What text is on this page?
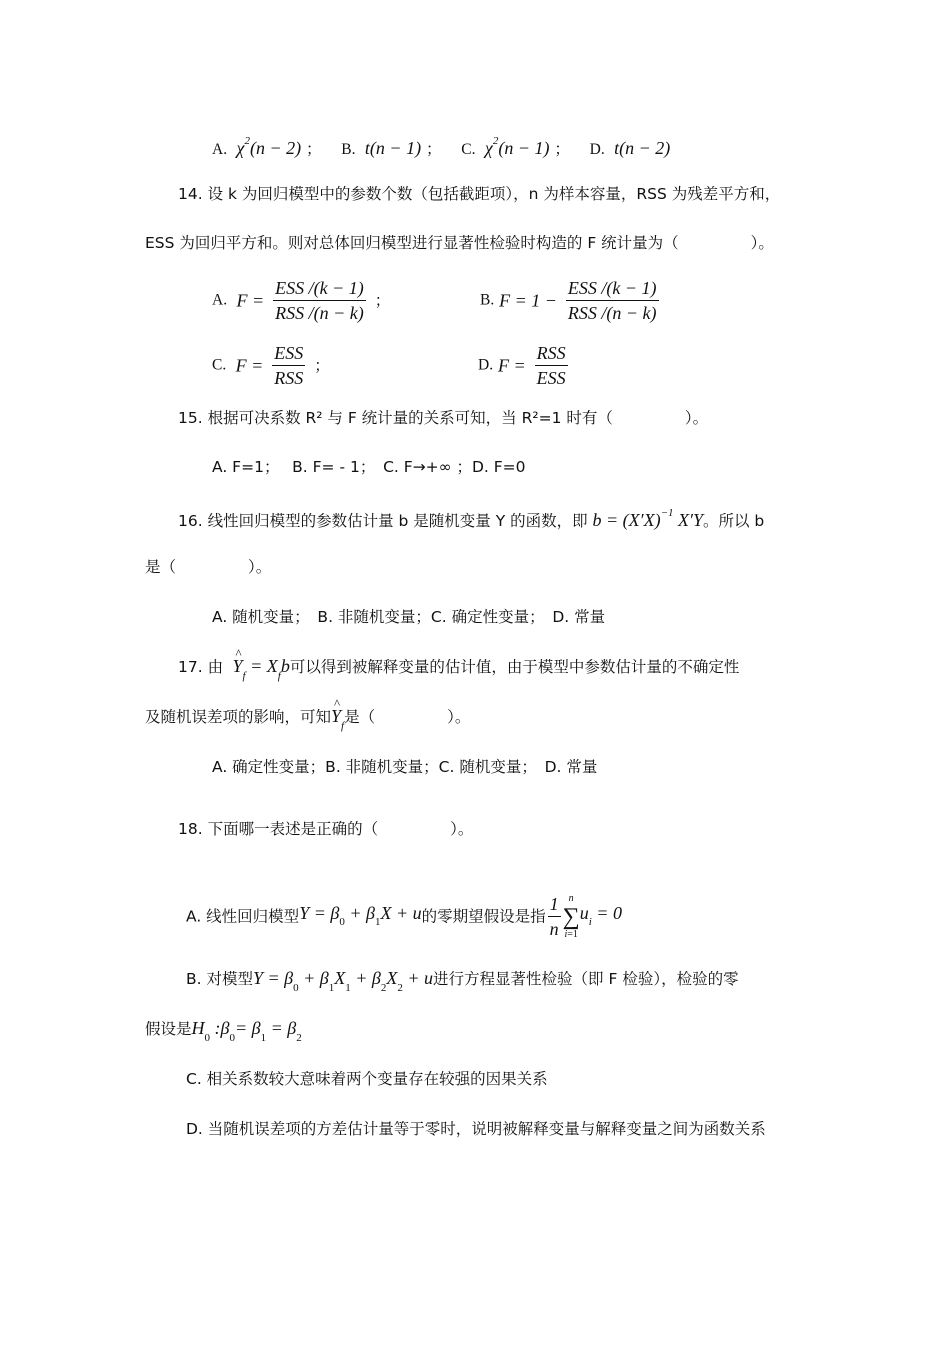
A.  $\chi^2(n - 2)$ ； B.  t(n − 1) ； C.  $\chi^2(n - 1)$ ； D.  t(n − 2)
14. 设 k 为回归模型中的参数个数（包括截距项），n 为样本容量，RSS 为残差平方和，
ESS 为回归平方和。则对总体回归模型进行显著性检验时构造的 F 统计量为（	）。
A.  $F = \frac{\text{ESS /(k − 1)}}{\text{RSS /(n − k)}}$ ；	B. $F = 1 - \frac{\text{ESS /(k − 1)}}{\text{RSS /(n − k)}}$
C.  $F = \frac{\text{ESS}}{\text{RSS}}$ ；	D. $F = \frac{\text{RSS}}{\text{ESS}}$
15. 根据可决系数 R² 与 F 统计量的关系可知，当 R²=1 时有（	）。
A. F=1；　 B. F= - 1；　C. F→+∞ ；D. F=0
16. 线性回归模型的参数估计量 b 是随机变量 Y 的函数，即 $b = (X'X)^{-1}$ X′Y。所以 b
是（	）。
A. 随机变量；　B. 非随机变量；C. 确定性变量；　D. 常量
17. 由  ^ $Y_f = X_fb$可以得到被解释变量的估计值，由于模型中参数估计量的不确定性
及随机误差项的影响，可知^ $Y_f$是（	）。
A. 确定性变量；B. 非随机变量；C. 随机变量；　D. 常量
18. 下面哪一表述是正确的（	）。
A. 线性回归模型$Y = \beta_0 + \beta_1X + u$的零期望假设是指 $\frac{1}{n}$ n
∑
i=1
$u_i = 0$
B. 对模型$Y = \beta_0 + \beta_1X_1 + \beta_2X_2 + u$进行方程显著性检验（即 F 检验），检验的零
假设是$H_0$ $:\beta_0= \beta_1 = \beta_2$
C. 相关系数较大意味着两个变量存在较强的因果关系
D. 当随机误差项的方差估计量等于零时，说明被解释变量与解释变量之间为函数关系
